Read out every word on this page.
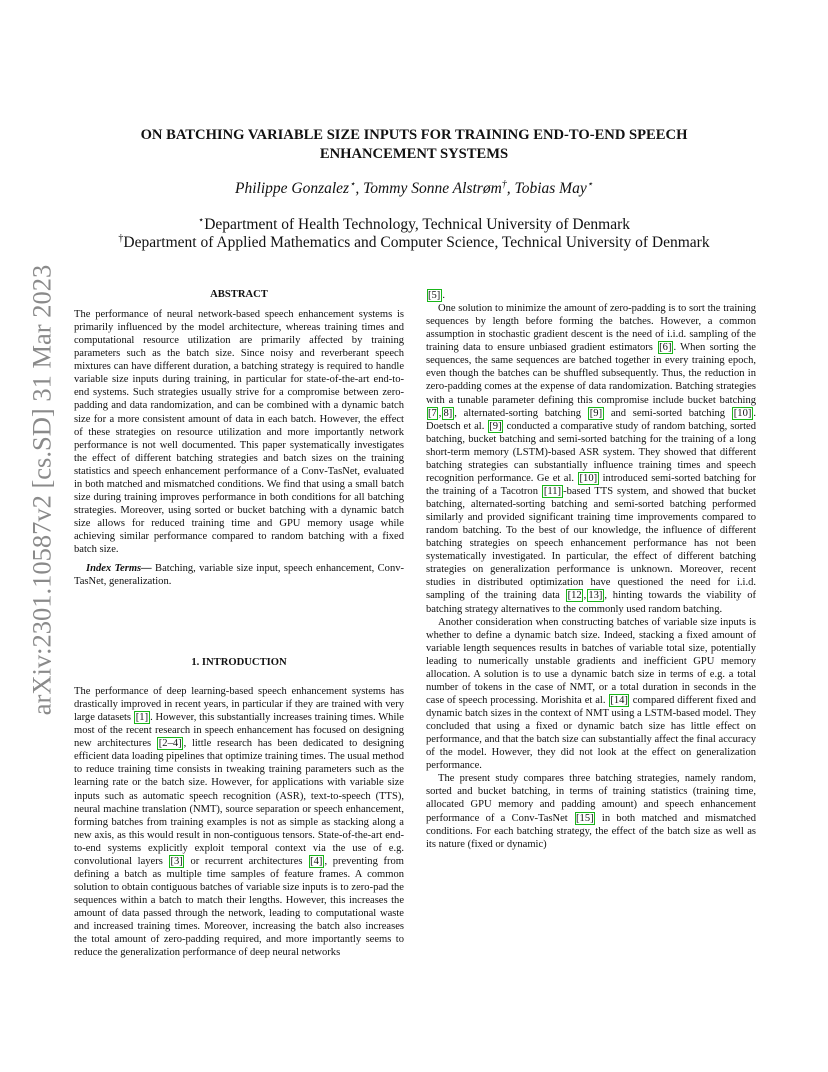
ON BATCHING VARIABLE SIZE INPUTS FOR TRAINING END-TO-END SPEECH
ENHANCEMENT SYSTEMS
Philippe Gonzalez⋆, Tommy Sonne Alstrøm†, Tobias May⋆
⋆Department of Health Technology, Technical University of Denmark
†Department of Applied Mathematics and Computer Science, Technical University of Denmark
arXiv:2301.10587v2 [cs.SD] 31 Mar 2023	ABSTRACT

The performance of neural network-based speech enhancement systems is primarily influenced by the model architecture, whereas training times and computational resource utilization are primarily affected by training parameters such as the batch size. Since noisy and reverberant speech mixtures can have different duration, a batching strategy is required to handle variable size inputs during training, in particular for state-of-the-art end-to-end systems. Such strategies usually strive for a compromise between zero-padding and data randomization, and can be combined with a dynamic batch size for a more consistent amount of data in each batch. However, the effect of these strategies on resource utilization and more importantly network performance is not well documented. This paper systematically investigates the effect of different batching strategies and batch sizes on the training statistics and speech enhancement performance of a Conv-TasNet, evaluated in both matched and mismatched conditions. We find that using a small batch size during training improves performance in both conditions for all batching strategies. Moreover, using sorted or bucket batching with a dynamic batch size allows for reduced training time and GPU memory usage while achieving similar performance compared to random batching with a fixed batch size.

Index Terms— Batching, variable size input, speech enhancement, Conv-TasNet, generalization.

1. INTRODUCTION

The performance of deep learning-based speech enhancement systems has drastically improved in recent years, in particular if they are trained with very large datasets [1] . However, this substantially increases training times. While most of the recent research in speech enhancement has focused on designing new architectures [2–4] , little research has been dedicated to designing efficient data loading pipelines that optimize training times. The usual method to reduce training time consists in tweaking training parameters such as the learning rate or the batch size. However, for applications with variable size inputs such as automatic speech recognition (ASR), text-to-speech (TTS), neural machine translation (NMT), source separation or speech enhancement, forming batches from training examples is not as simple as stacking along a new axis, as this would result in non-contiguous tensors. State-of-the-art end-to-end systems explicitly exploit temporal context via the use of e.g. convolutional layers [3] or recurrent architectures [4] , preventing from defining a batch as multiple time samples of feature frames. A common solution to obtain contiguous batches of variable size inputs is to zero-pad the sequences within a batch to match their lengths. However, this increases the amount of data passed through the network, leading to computational waste and increased training times. Moreover, increasing the batch also increases the total amount of zero-padding required, and more importantly seems to reduce the generalization performance of deep neural networks

[5] .

One solution to minimize the amount of zero-padding is to sort the training sequences by length before forming the batches. However, a common assumption in stochastic gradient descent is the need of i.i.d. sampling of the training data to ensure unbiased gradient estimators [6] . When sorting the sequences, the same sequences are batched together in every training epoch, even though the batches can be shuffled subsequently. Thus, the reduction in zero-padding comes at the expense of data randomization. Batching strategies with a tunable parameter defining this compromise include bucket batching [7 , 8] , alternated-sorting batching [9] and semi-sorted batching [10] . Doetsch et al. [9] conducted a comparative study of random batching, sorted batching, bucket batching and semi-sorted batching for the training of a long short-term memory (LSTM)-based ASR system. They showed that different batching strategies can substantially influence training times and speech recognition performance. Ge et al. [10] introduced semi-sorted batching for the training of a Tacotron [11] -based TTS system, and showed that bucket batching, alternated-sorting batching and semi-sorted batching performed similarly and provided significant training time improvements compared to random batching. To the best of our knowledge, the influence of different batching strategies on speech enhancement performance has not been systematically investigated. In particular, the effect of different batching strategies on generalization performance is unknown. Moreover, recent studies in distributed optimization have questioned the need for i.i.d. sampling of the training data [12 , 13] , hinting towards the viability of batching strategy alternatives to the commonly used random batching.

Another consideration when constructing batches of variable size inputs is whether to define a dynamic batch size. Indeed, stacking a fixed amount of variable length sequences results in batches of variable total size, potentially leading to numerically unstable gradients and inefficient GPU memory allocation. A solution is to use a dynamic batch size in terms of e.g. a total number of tokens in the case of NMT, or a total duration in seconds in the case of speech processing. Morishita et al. [14] compared different fixed and dynamic batch sizes in the context of NMT using a LSTM-based model. They concluded that using a fixed or dynamic batch size has little effect on performance, and that the batch size can substantially affect the final accuracy of the model. However, they did not look at the effect on generalization performance.

The present study compares three batching strategies, namely random, sorted and bucket batching, in terms of training statistics (training time, allocated GPU memory and padding amount) and speech enhancement performance of a Conv-TasNet [15] in both matched and mismatched conditions. For each batching strategy, the effect of the batch size as well as its nature (fixed or dynamic)
